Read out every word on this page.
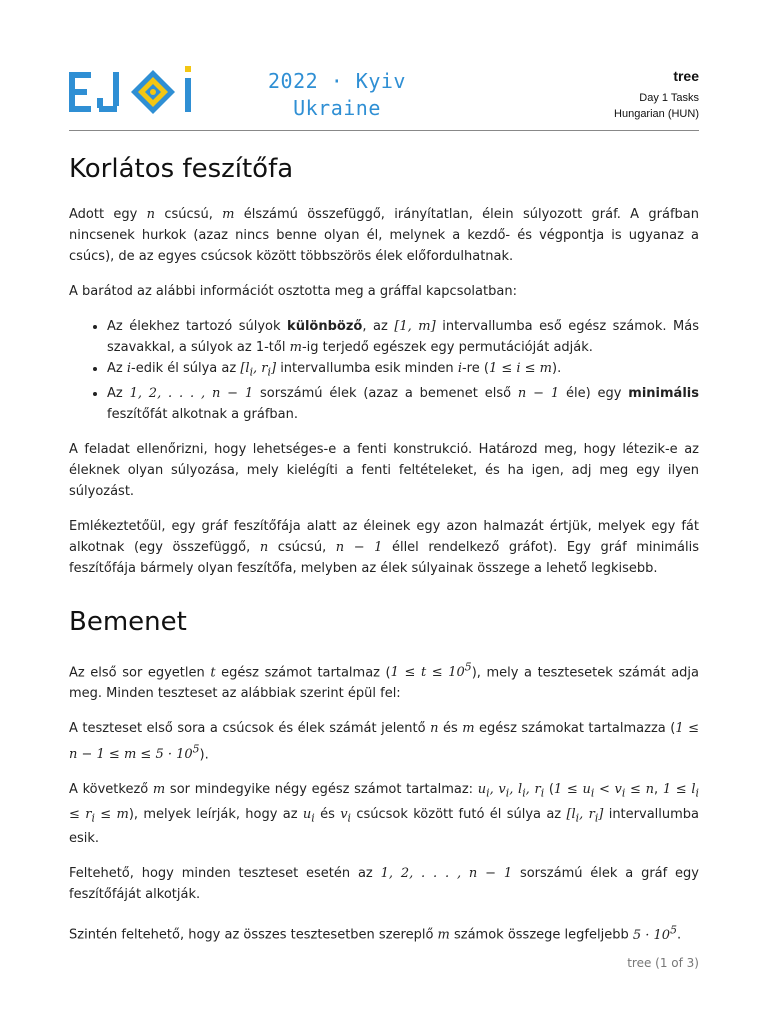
2022 · Kyiv
Ukraine
tree
Day 1 Tasks
Hungarian (HUN)
Korlátos feszítőfa

Adott egy n csúcsú, m élszámú összefüggő, irányítatlan, élein súlyozott gráf. A gráfban nincsenek hurkok (azaz nincs benne olyan él, melynek a kezdő- és végpontja is ugyanaz a csúcs), de az egyes csúcsok között többszörös élek előfordulhatnak.

A barátod az alábbi információt osztotta meg a gráffal kapcsolatban:

• Az élekhez tartozó súlyok különböző, az [1, m] intervallumba eső egész számok. Más szavakkal, a súlyok az 1-től m-ig terjedő egészek egy permutációját adják.
• Az i-edik él súlya az [$l_i$, $r_i$] intervallumba esik minden i-re (1 ≤ i ≤ m).
• Az 1, 2, . . . , n − 1 sorszámú élek (azaz a bemenet első n − 1 éle) egy minimális feszítőfát alkotnak a gráfban.

A feladat ellenőrizni, hogy lehetséges-e a fenti konstrukció. Határozd meg, hogy létezik-e az éleknek olyan súlyozása, mely kielégíti a fenti feltételeket, és ha igen, adj meg egy ilyen súlyozást.

Emlékeztetőül, egy gráf feszítőfája alatt az éleinek egy azon halmazát értjük, melyek egy fát alkotnak (egy összefüggő, n csúcsú, n − 1 éllel rendelkező gráfot). Egy gráf minimális feszítőfája bármely olyan feszítőfa, melyben az élek súlyainak összege a lehető legkisebb.

Bemenet

Az első sor egyetlen t egész számot tartalmaz $(1 \le t \le 10^5)$, mely a tesztesetek számát adja meg. Minden teszteset az alábbiak szerint épül fel:

A teszteset első sora a csúcsok és élek számát jelentő n és m egész számokat tartalmazza $(1 \le n - 1 \le m \le 5 \cdot 10^5)$.

A következő m sor mindegyike négy egész számot tartalmaz: $u_i$, $v_i$, $l_i$, $r_i$ ($1 \le u_i < v_i \le n$, $1 \le l_i \le r_i \le m$), melyek leírják, hogy az $u_i$ és $v_i$ csúcsok között futó él súlya az [$l_i$, $r_i$] intervallumba esik.

Feltehető, hogy minden teszteset esetén az 1, 2, . . . , n − 1 sorszámú élek a gráf egy feszítőfáját alkotják.

Szintén feltehető, hogy az összes tesztesetben szereplő m számok összege legfeljebb $5 \cdot 10^5$.

tree (1 of 3)
